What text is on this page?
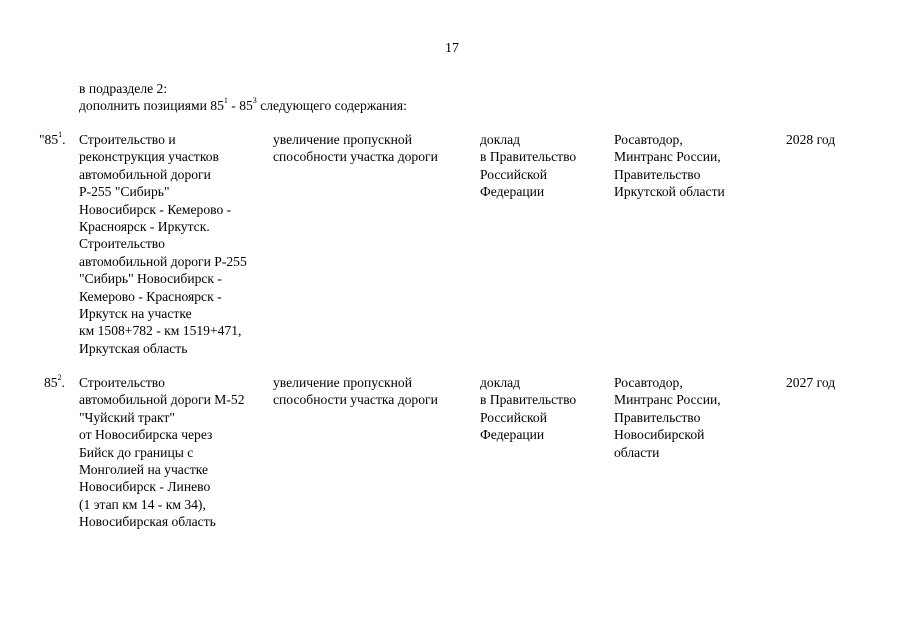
17
в подразделе 2:
дополнить позициями $85^1 - 85^3$ следующего содержания:
"$85^1$. Строительство и
реконструкция участков
автомобильной дороги
Р-255 "Сибирь"
Новосибирск - Кемерово -
Красноярск - Иркутск.
Строительство
автомобильной дороги Р-255
"Сибирь" Новосибирск -
Кемерово - Красноярск -
Иркутск на участке
км 1508+782 - км 1519+471,
Иркутская область
увеличение пропускной
способности участка дороги
доклад
в Правительство
Российской
Федерации
Росавтодор,
Минтранс России,
Правительство
Иркутской области
2028 год
$85^2$. Строительство
автомобильной дороги М-52
"Чуйский тракт"
от Новосибирска через
Бийск до границы с
Монголией на участке
Новосибирск - Линево
(1 этап км 14 - км 34),
Новосибирская область
увеличение пропускной
способности участка дороги
доклад
в Правительство
Российской
Федерации
Росавтодор,
Минтранс России,
Правительство
Новосибирской
области
2027 год
